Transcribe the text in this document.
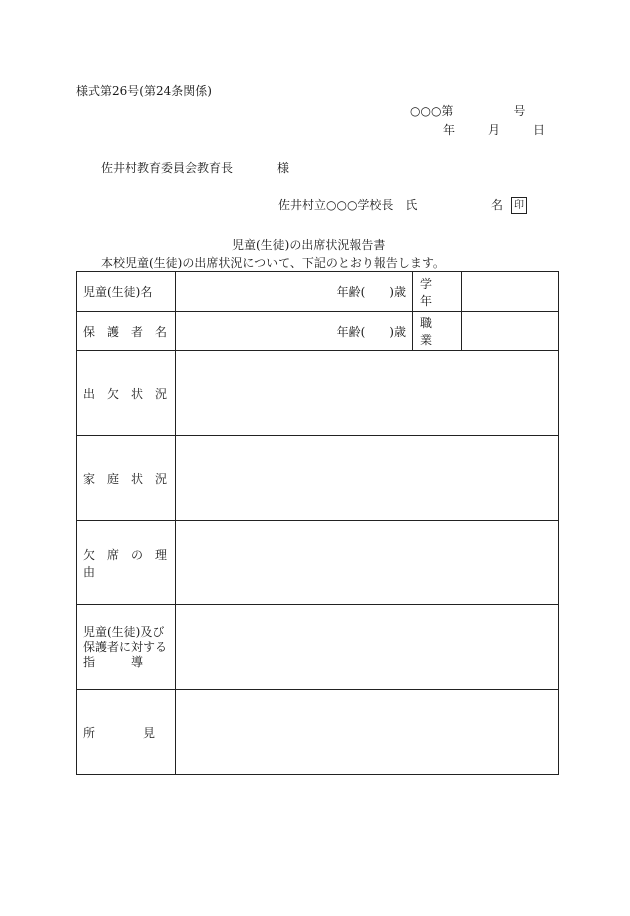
様式第26号(第24条関係)
○○○第　　　　　号
年　　月　　日
佐井村教育委員会教育長	様
佐井村立○○○学校長　氏	名	印
児童(生徒)の出席状況報告書
本校児童(生徒)の出席状況について、下記のとおり報告します。
児童(生徒)名	年齢(　　)歳	学　年	

保　護　者　名	年齢(　　)歳	職　業	

出　欠　状　況			
家　庭　状　況			
欠　席　の　理　由			

児童(生徒)及び
保護者に対する
指　　　導			

所　　　　見			
